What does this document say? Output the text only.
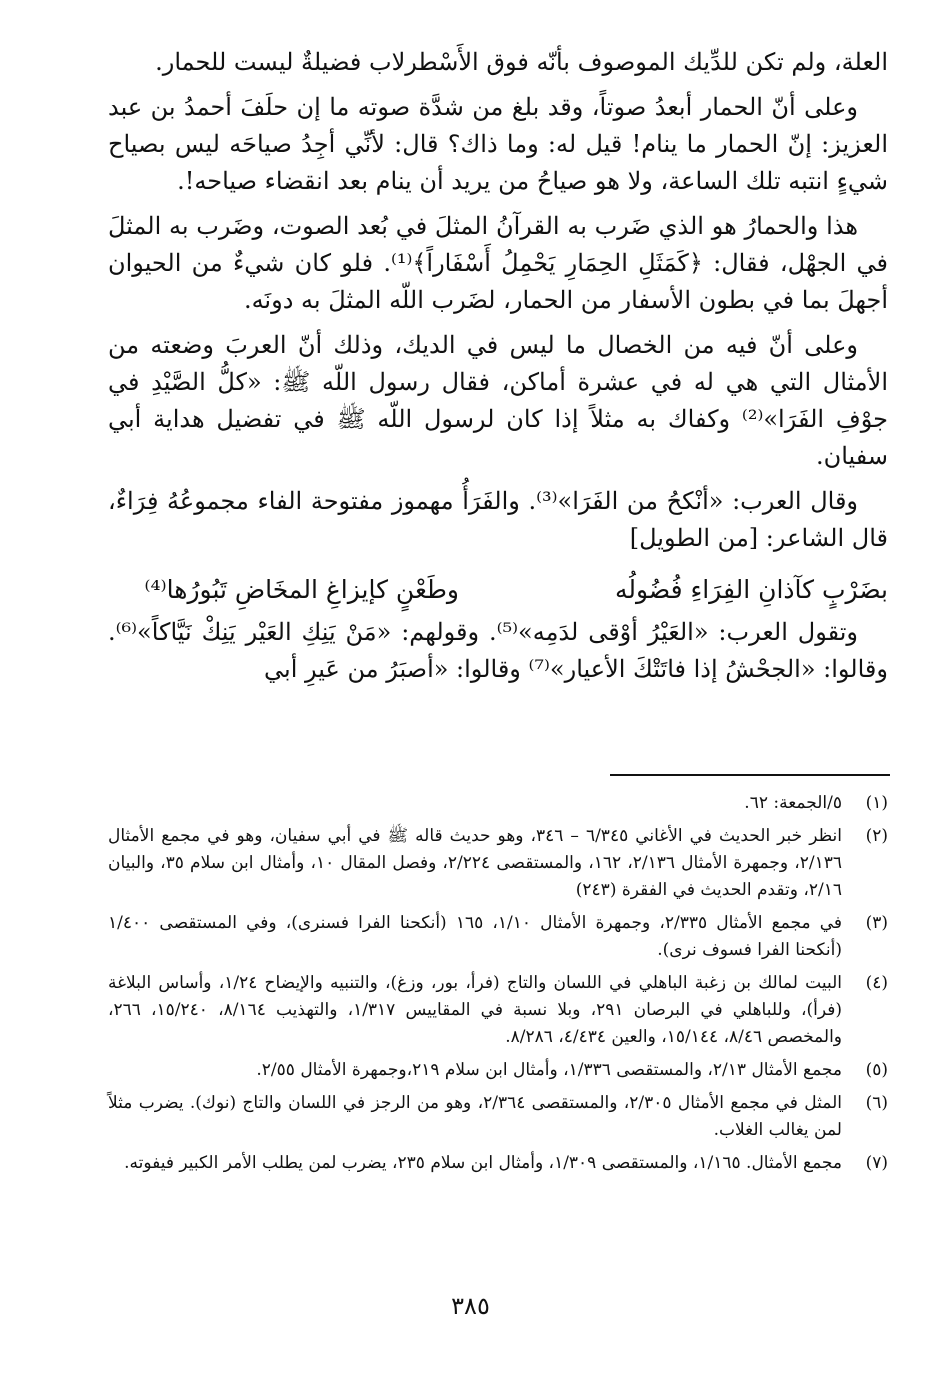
العلة، ولم تكن للدِّيك الموصوف بأنّه فوق الأَسْطرلاب فضيلةٌ ليست للحمار.

وعلى أنّ الحمار أبعدُ صوتاً، وقد بلغ من شدَّة صوته ما إن حلَفَ أحمدُ بن عبد العزيز: إنّ الحمار ما ينام! قيل له: وما ذاك؟ قال: لأنِّي أجِدُ صياحَه ليس بصياح شيءٍ انتبه تلك الساعة، ولا هو صياحُ من يريد أن ينام بعد انقضاء صياحه!.

هذا والحمارُ هو الذي ضَرب به القرآنُ المثلَ في بُعد الصوت، وضَرب به المثلَ في الجهْل، فقال: ﴿كَمَثَلِ الحِمَارِ يَحْمِلُ أَسْفَاراً﴾⁽¹⁾. فلو كان شيءٌ من الحيوان أجهلَ بما في بطون الأسفار من الحمار، لضَرب اللّه المثلَ به دونَه.

وعلى أنّ فيه من الخصال ما ليس في الديك، وذلك أنّ العربَ وضعته من الأمثال التي هي له في عشرة أماكن، فقال رسول اللّه ﷺ: «كلُّ الصَّيْدِ في جوْفِ الفَرَا»⁽²⁾ وكفاك به مثلاً إذا كان لرسول اللّه ﷺ في تفضيل هداية أبي سفيان.

وقال العرب: «أنْكحُ من الفَرَا»⁽³⁾. والفَرَأُ مهموز مفتوحة الفاء مجموعُهُ فِرَاءٌ، قال الشاعر: [من الطويل]

بضَرْبٍ كآذانِ الفِرَاءِ فُضُولُه
وطَعْنٍ كإيزاغِ المخَاضِ تَبُورُها⁽⁴⁾

وتقول العرب: «العَيْرُ أوْقى لدَمِه»⁽⁵⁾. وقولهم: «مَنْ يَنِكِ العَيْر يَنِكْ نَيَّاكاً»⁽⁶⁾. وقالوا: «الجحْشُ إذا فاتَتْكَ الأعيار»⁽⁷⁾ وقالوا: «أصبَرُ من عَيرِ أبي

(١)
٥/الجمعة: ٦٢.
(٢)
انظر خبر الحديث في الأغاني ٦/٣٤٥ – ٣٤٦، وهو حديث قاله ﷺ في أبي سفيان، وهو في مجمع الأمثال ٢/١٣٦، وجمهرة الأمثال ٢/١٣٦، ١٦٢، والمستقصى ٢/٢٢٤، وفصل المقال ١٠، وأمثال ابن سلام ٣٥، والبيان ٢/١٦، وتقدم الحديث في الفقرة (٢٤٣)
(٣)
في مجمع الأمثال ٢/٣٣٥، وجمهرة الأمثال ١/١٠، ١٦٥ (أنكحنا الفرا فسنرى)، وفي المستقصى ١/٤٠٠ (أنكحنا الفرا فسوف نرى).
(٤)
البيت لمالك بن زغبة الباهلي في اللسان والتاج (فرأ، بور، وزغ)، والتنبيه والإيضاح ١/٢٤، وأساس البلاغة (فرأ)، وللباهلي في البرصان ٢٩١، وبلا نسبة في المقاييس ١/٣١٧، والتهذيب ٨/١٦٤، ١٥/٢٤٠، ٢٦٦، والمخصص ٨/٤٦، ١٥/١٤٤، والعين ٤/٤٣٤، ٨/٢٨٦.
(٥)
مجمع الأمثال ٢/١٣، والمستقصى ١/٣٣٦، وأمثال ابن سلام ٢١٩،وجمهرة الأمثال ٢/٥٥.
(٦)
المثل في مجمع الأمثال ٢/٣٠٥، والمستقصى ٢/٣٦٤، وهو من الرجز في اللسان والتاج (نوك). يضرب مثلاً لمن يغالب الغلاب.
(٧)
مجمع الأمثال. ١/١٦٥، والمستقصى ١/٣٠٩، وأمثال ابن سلام ٢٣٥، يضرب لمن يطلب الأمر الكبير فيفوته.
٣٨٥
